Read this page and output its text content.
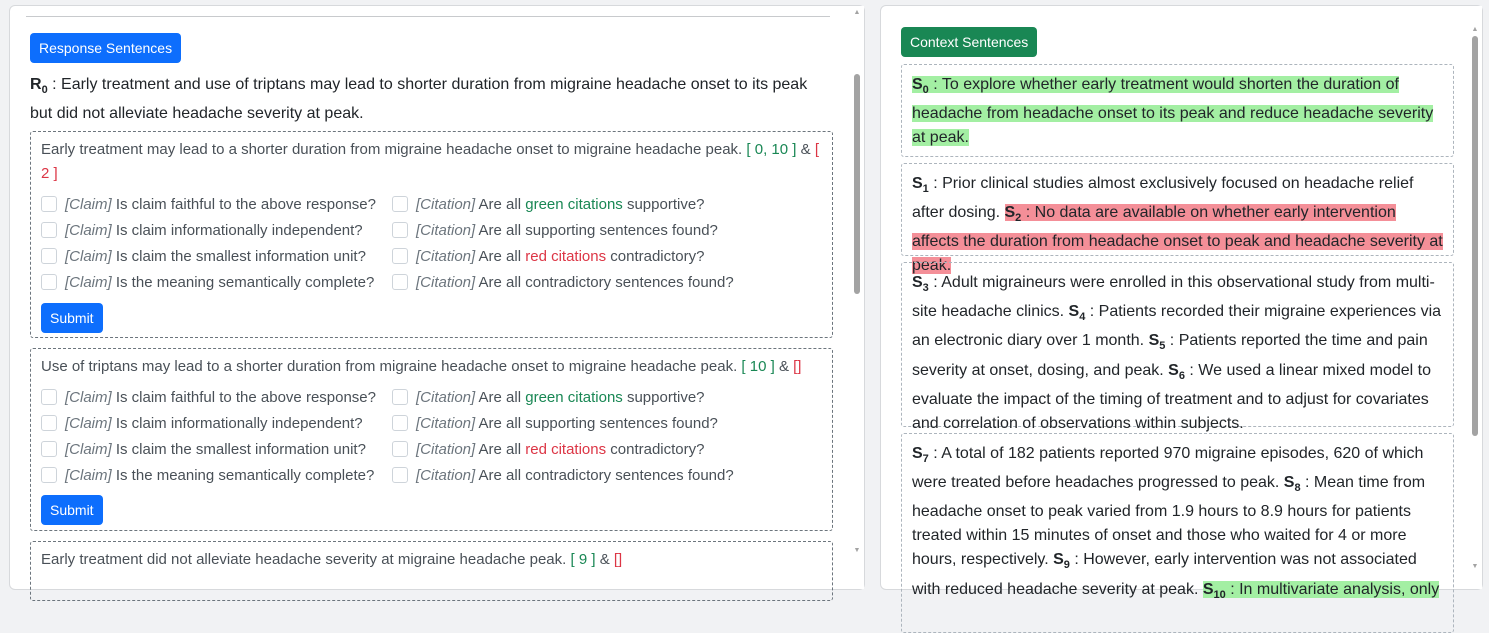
Response Sentences
$R_0$ : Early treatment and use of triptans may lead to shorter duration from migraine headache onset to its peak but did not alleviate headache severity at peak.
Early treatment may lead to a shorter duration from migraine headache onset to migraine headache peak. [ 0, 10 ] & [ 2 ]
[Claim] Is claim faithful to the above response?
[Claim] Is claim informationally independent?
[Claim] Is claim the smallest information unit?
[Claim] Is the meaning semantically complete?
[Citation] Are all green citations supportive?
[Citation] Are all supporting sentences found?
[Citation] Are all red citations contradictory?
[Citation] Are all contradictory sentences found?
Submit
Use of triptans may lead to a shorter duration from migraine headache onset to migraine headache peak. [ 10 ] & []
[Claim] Is claim faithful to the above response?
[Claim] Is claim informationally independent?
[Claim] Is claim the smallest information unit?
[Claim] Is the meaning semantically complete?
[Citation] Are all green citations supportive?
[Citation] Are all supporting sentences found?
[Citation] Are all red citations contradictory?
[Citation] Are all contradictory sentences found?
Submit
Early treatment did not alleviate headache severity at migraine headache peak. [ 9 ] & []
▲
▼
Context Sentences
$S_0$ : To explore whether early treatment would shorten the duration of headache from headache onset to its peak and reduce headache severity at peak.
$S_1$ : Prior clinical studies almost exclusively focused on headache relief after dosing. $S_2$ : No data are available on whether early intervention affects the duration from headache onset to peak and headache severity at peak.
$S_3$ : Adult migraineurs were enrolled in this observational study from multi-site headache clinics. $S_4$ : Patients recorded their migraine experiences via an electronic diary over 1 month. $S_5$ : Patients reported the time and pain severity at onset, dosing, and peak. $S_6$ : We used a linear mixed model to evaluate the impact of the timing of treatment and to adjust for covariates and correlation of observations within subjects.
$S_7$ : A total of 182 patients reported 970 migraine episodes, 620 of which were treated before headaches progressed to peak. $S_8$ : Mean time from headache onset to peak varied from 1.9 hours to 8.9 hours for patients treated within 15 minutes of onset and those who waited for 4 or more hours, respectively. $S_9$ : However, early intervention was not associated with reduced headache severity at peak. $S_{10}$ : In multivariate analysis, only
▲
▼
